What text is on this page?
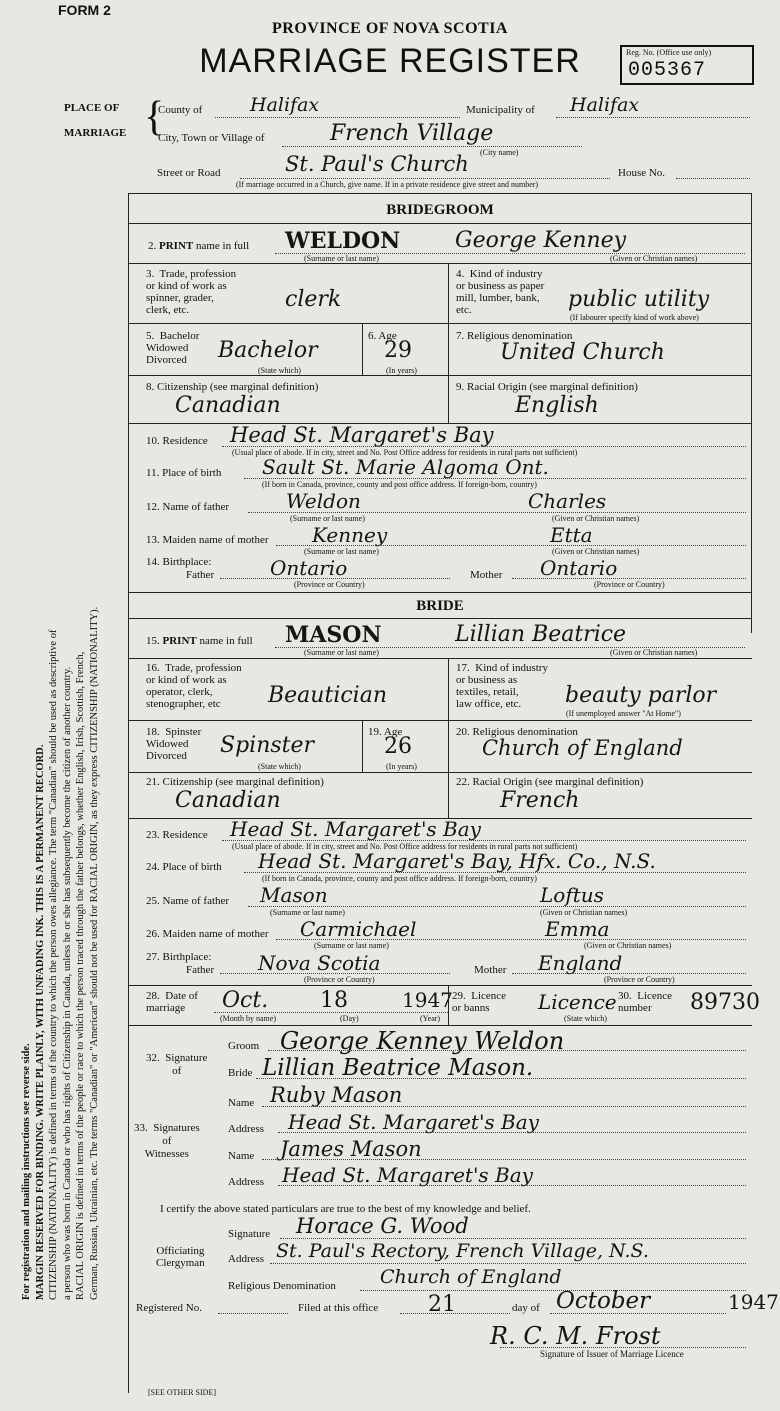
FORM 2
PROVINCE OF NOVA SCOTIA
MARRIAGE REGISTER	Reg. No. (Office use only)
005367
For registration and mailing instructions see reverse side. MARGIN RESERVED FOR BINDING. WRITE PLAINLY, WITH UNFADING INK. THIS IS A PERMANENT RECORD. CITIZENSHIP (NATIONALITY) is defined in terms of the country to which the person owes allegiance. The term "Canadian" should be used as descriptive of a person who was born in Canada or who has rights of Citizenship in Canada, unless he or she has subsequently become the citizen of another country. RACIAL ORIGIN is defined in terms of the people or race to which the person traced through the father belongs, whether English, Irish, Scottish, French, German, Russian, Ukrainian, etc. The terms "Canadian" or "American" should not be used for RACIAL ORIGIN, as they express CITIZENSHIP (NATIONALITY).
PLACE OF
MARRIAGE {
County of	Halifax	Municipality of Halifax
City, Town or Village of	French Village
(City name)
Street or Road	St. Paul's Church	House No.
(If marriage occurred in a Church, give name. If in a private residence give street and number)
BRIDEGROOM
2. PRINT name in full WELDON George Kenney
(Surname or last name)	(Given or Christian names)
3.  Trade, profession
or kind of work as
spinner, grader,
clerk, etc.	clerk
4.  Kind of industry
or business as paper
mill, lumber, bank,
etc.	public utility
(If labourer specify kind of work above)
5.  Bachelor
Widowed
Divorced	Bachelor
(State which)
6. Age
29
(In years)
7. Religious denomination
United Church
8. Citizenship (see marginal definition)
Canadian
9. Racial Origin (see marginal definition)
English
10. Residence Head St. Margaret's Bay
(Usual place of abode. If in city, street and No. Post Office address for residents in rural parts not sufficient)
11. Place of birth Sault St. Marie Algoma Ont.
(If born in Canada, province, county and post office address. If foreign-born, country)
12. Name of father	Weldon	Charles
(Surname or last name)	(Given or Christian names)
13. Maiden name of mother Kenney	Etta
(Surname or last name)	(Given or Christian names)
14. Birthplace:
Father	Ontario
(Province or Country)
Mother Ontario
(Province or Country)
BRIDE
15. PRINT name in full MASON	Lillian Beatrice
(Surname or last name)	(Given or Christian names)
16.  Trade, profession
or kind of work as
operator, clerk,
stenographer, etc	Beautician
17.  Kind of industry
or business as
textiles, retail,
law office, etc.	beauty parlor
(If unemployed answer "At Home")
18.  Spinster
Widowed
Divorced	Spinster
(State which)
19. Age
26
(In years)
20. Religious denomination
Church of England
21. Citizenship (see marginal definition)
Canadian
22. Racial Origin (see marginal definition)
French
23. Residence Head St. Margaret's Bay
(Usual place of abode. If in city, street and No. Post Office address for residents in rural parts not sufficient)
24. Place of birth Head St. Margaret's Bay, Hfx. Co., N.S.
(If born in Canada, province, county and post office address. If foreign-born, country)
25. Name of father Mason	Loftus
(Surname or last name)	(Given or Christian names)
26. Maiden name of mother Carmichael	Emma
(Surname or last name)	(Given or Christian names)
27. Birthplace:
Father Nova Scotia
(Province or Country)
Mother England
(Province or Country)
28.  Date of
marriage	Oct. 18	1947
(Month by name)	(Day)	(Year)
29.  Licence
or banns	Licence
(State which)
30.  Licence
number	89730
32.  Signature
of
Groom George Kenney Weldon
Bride Lillian Beatrice Mason.
33.  Signatures
of
Witnesses
Name Ruby Mason
Address Head St. Margaret's Bay
Name James Mason
Address Head St. Margaret's Bay
I certify the above stated particulars are true to the best of my knowledge and belief.
Officiating
Clergyman
Signature Horace G. Wood
Address St. Paul's Rectory, French Village, N.S.
Religious Denomination Church of England
Registered No.	Filed at this office 21	day of October	1947
R. C. M. Frost
Signature of Issuer of Marriage Licence
[SEE OTHER SIDE]
